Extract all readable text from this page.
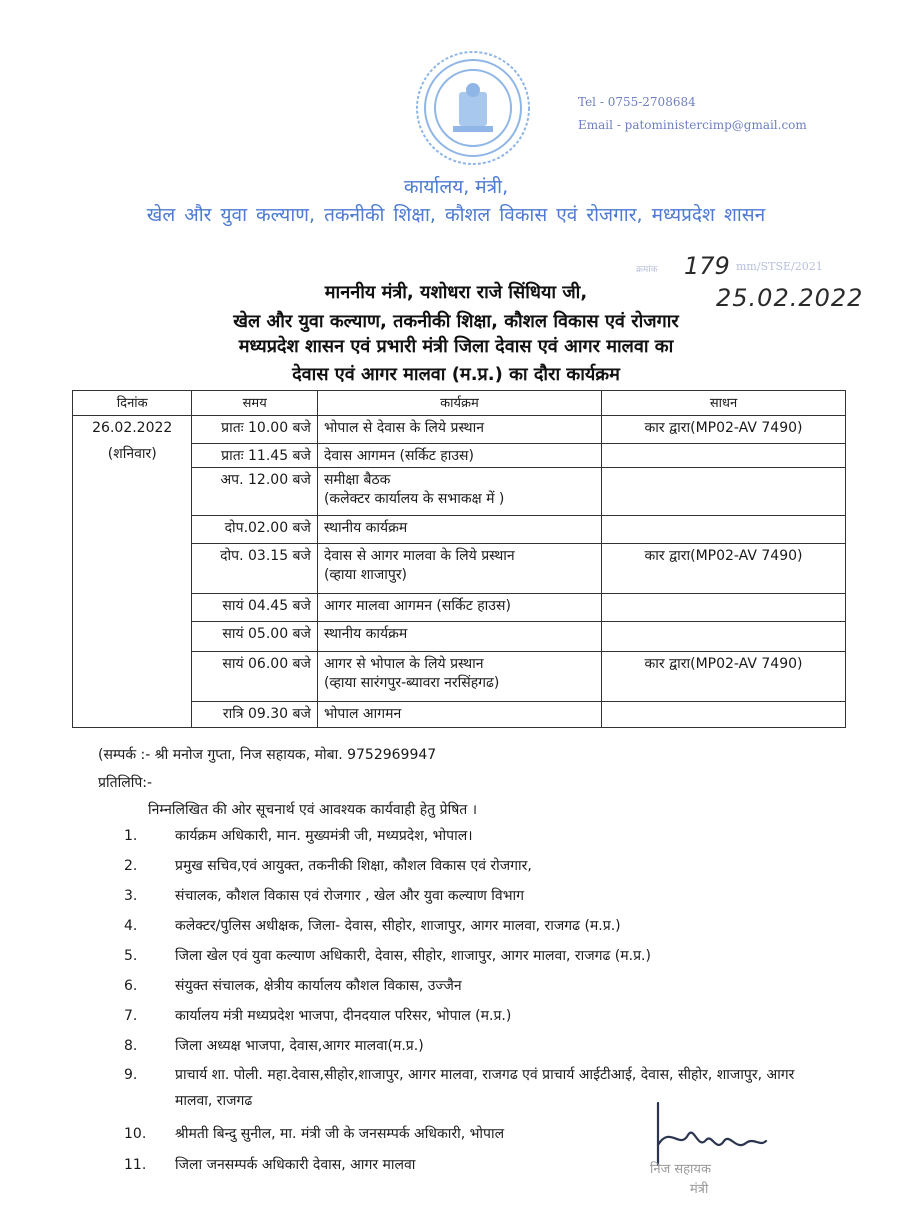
Tel - 0755-2708684
Email - patoministercimp@gmail.com
कार्यालय, मंत्री,
खेल और युवा कल्याण, तकनीकी शिक्षा, कौशल विकास एवं रोजगार, मध्यप्रदेश शासन
क्रमांक 179 mm/STSE/2021
25.02.2022
माननीय मंत्री, यशोधरा राजे सिंधिया जी,
खेल और युवा कल्याण, तकनीकी शिक्षा, कौशल विकास एवं रोजगार
मध्यप्रदेश शासन एवं प्रभारी मंत्री जिला देवास एवं आगर मालवा का
देवास एवं आगर मालवा (म.प्र.) का दौरा कार्यक्रम
दिनांक	समय	कार्यक्रम	साधन

26.02.2022
(शनिवार)	प्रातः 10.00 बजे	भोपाल से देवास के लिये प्रस्थान	कार द्वारा(MP02-AV 7490)
	प्रातः 11.45 बजे	देवास आगमन (सर्किट हाउस)	

	अप. 12.00 बजे	समीक्षा बैठक
(कलेक्टर कार्यालय के सभाकक्ष में )	

	दोप.02.00 बजे	स्थानीय कार्यक्रम	

	दोप. 03.15 बजे	देवास से आगर मालवा के लिये प्रस्थान
(व्हाया शाजापुर)	कार द्वारा(MP02-AV 7490)
	सायं 04.45 बजे	आगर मालवा आगमन (सर्किट हाउस)	

	सायं 05.00 बजे	स्थानीय कार्यक्रम	

	सायं 06.00 बजे	आगर से भोपाल के लिये प्रस्थान
(व्हाया सारंगपुर-ब्यावरा नरसिंहगढ)	कार द्वारा(MP02-AV 7490)
	रात्रि 09.30 बजे	भोपाल आगमन	

(सम्पर्क :- श्री मनोज गुप्ता, निज सहायक, मोबा. 9752969947
प्रतिलिपि:-
निम्नलिखित की ओर सूचनार्थ एवं आवश्यक कार्यवाही हेतु प्रेषित ।
1.	कार्यक्रम अधिकारी, मान. मुख्यमंत्री जी, मध्यप्रदेश, भोपाल।
2.	प्रमुख सचिव,एवं आयुक्त, तकनीकी शिक्षा, कौशल विकास एवं रोजगार,
3.	संचालक, कौशल विकास एवं रोजगार , खेल और युवा कल्याण विभाग
4.	कलेक्टर/पुलिस अधीक्षक, जिला- देवास, सीहोर, शाजापुर, आगर मालवा, राजगढ (म.प्र.)
5.	जिला खेल एवं युवा कल्याण अधिकारी, देवास, सीहोर, शाजापुर, आगर मालवा, राजगढ (म.प्र.)
6.	संयुक्त संचालक, क्षेत्रीय कार्यालय कौशल विकास, उज्जैन
7.	कार्यालय मंत्री मध्यप्रदेश भाजपा, दीनदयाल परिसर, भोपाल (म.प्र.)
8.	जिला अध्यक्ष भाजपा, देवास,आगर मालवा(म.प्र.)
9.	प्राचार्य शा. पोली. महा.देवास,सीहोर,शाजापुर, आगर मालवा, राजगढ एवं प्राचार्य आईटीआई, देवास, सीहोर, शाजापुर, आगर मालवा, राजगढ
10.	श्रीमती बिन्दु सुनील, मा. मंत्री जी के जनसम्पर्क अधिकारी, भोपाल
11.	जिला जनसम्पर्क अधिकारी देवास, आगर मालवा	निज सहायक
मंत्री
